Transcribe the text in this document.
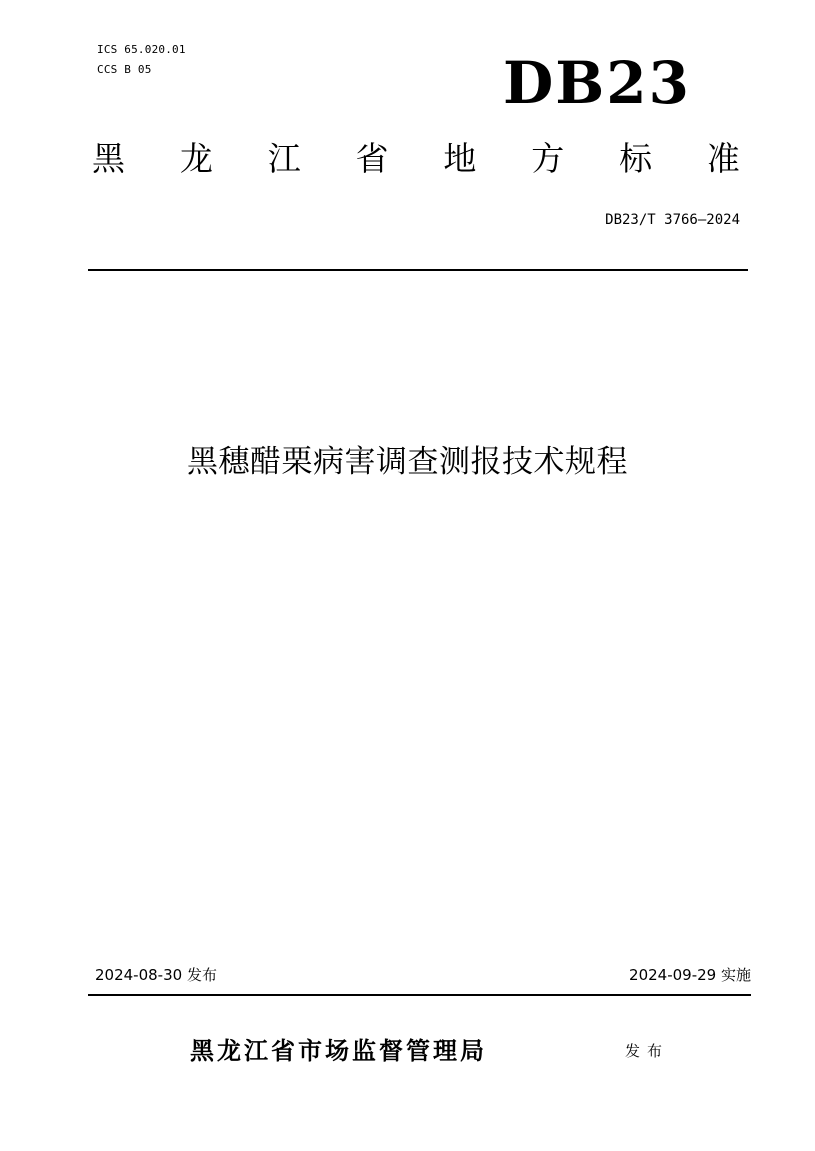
ICS 65.020.01
CCS B 05	DB23
黑 龙 江 省 地 方 标 准
DB23/T 3766—2024
黑穗醋栗病害调查测报技术规程
2024-08-30 发布	2024-09-29 实施
黑龙江省市场监督管理局	发布
